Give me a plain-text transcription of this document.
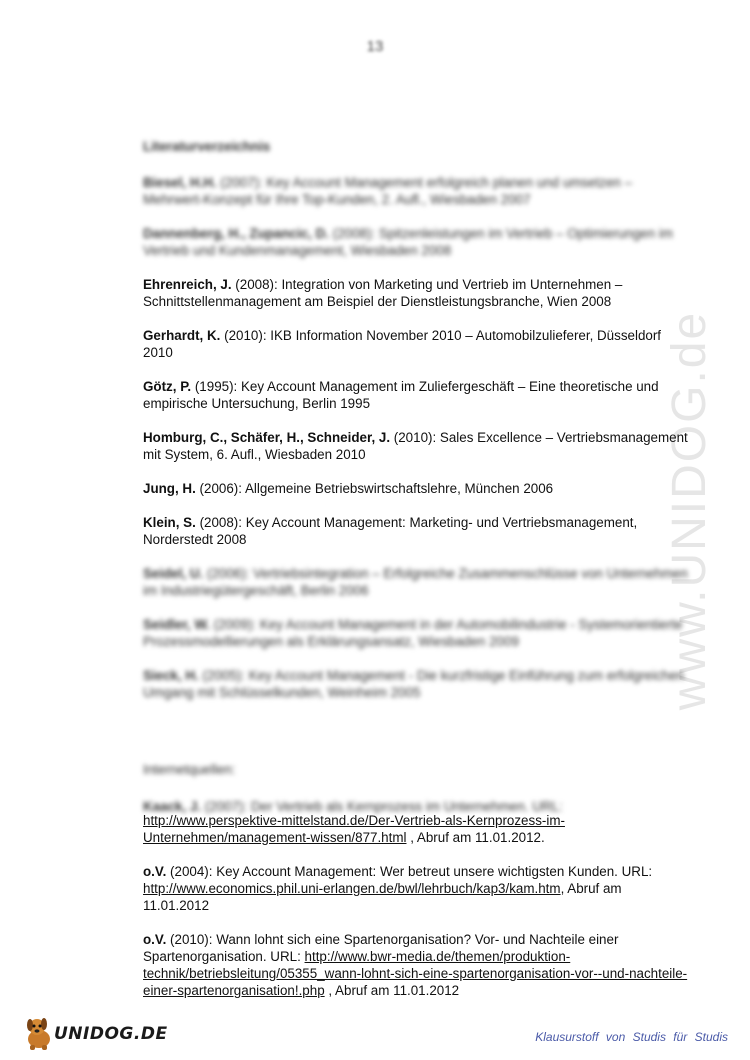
13
www.UNIDOG.de
Literaturverzeichnis
Biesel, H.H. (2007): Key Account Management erfolgreich planen und umsetzen – Mehrwert-Konzept für Ihre Top-Kunden, 2. Aufl., Wiesbaden 2007
Dannenberg, H., Zupancic, D. (2008): Spitzenleistungen im Vertrieb – Optimierungen im Vertrieb und Kundenmanagement, Wiesbaden 2008
Ehrenreich, J. (2008): Integration von Marketing und Vertrieb im Unternehmen – Schnittstellenmanagement am Beispiel der Dienstleistungsbranche, Wien 2008
Gerhardt, K. (2010): IKB Information November 2010 – Automobilzulieferer, Düsseldorf 2010
Götz, P. (1995): Key Account Management im Zuliefergeschäft – Eine theoretische und empirische Untersuchung, Berlin 1995
Homburg, C., Schäfer, H., Schneider, J. (2010): Sales Excellence – Vertriebsmanagement mit System, 6. Aufl., Wiesbaden 2010
Jung, H. (2006): Allgemeine Betriebswirtschaftslehre, München 2006
Klein, S. (2008): Key Account Management: Marketing- und Vertriebsmanagement, Norderstedt 2008
Seidel, U. (2006): Vertriebsintegration – Erfolgreiche Zusammenschlüsse von Unternehmen im Industriegütergeschäft, Berlin 2006
Seidler, W. (2009): Key Account Management in der Automobilindustrie - Systemorientierte Prozessmodellierungen als Erklärungsansatz, Wiesbaden 2009
Sieck, H. (2005): Key Account Management - Die kurzfristige Einführung zum erfolgreichen Umgang mit Schlüsselkunden, Weinheim 2005
Internetquellen:
Kaack, J. (2007): Der Vertrieb als Kernprozess im Unternehmen. URL:
http://www.perspektive-mittelstand.de/Der-Vertrieb-als-Kernprozess-im-
Unternehmen/management-wissen/877.html , Abruf am 11.01.2012.
o.V. (2004): Key Account Management: Wer betreut unsere wichtigsten Kunden. URL: http://www.economics.phil.uni-erlangen.de/bwl/lehrbuch/kap3/kam.htm, Abruf am 11.01.2012
o.V. (2010): Wann lohnt sich eine Spartenorganisation? Vor- und Nachteile einer Spartenorganisation. URL: http://www.bwr-media.de/themen/produktion-technik/betriebsleitung/05355_wann-lohnt-sich-eine-spartenorganisation-vor--und-nachteile-einer-spartenorganisation!.php , Abruf am 11.01.2012
UNIDOG.DE	Klausurstoff von Studis für Studis
